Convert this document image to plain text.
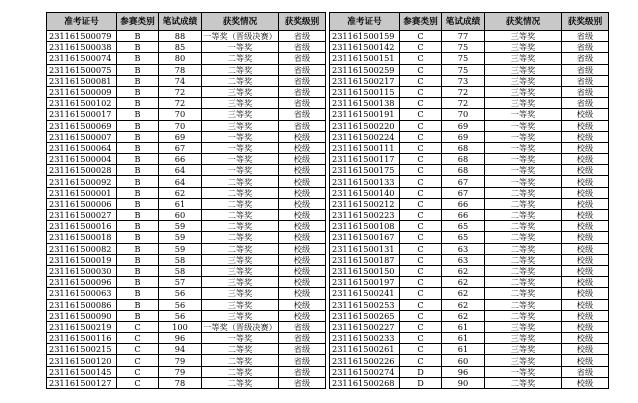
准考证号	参赛类别	笔试成绩	获奖情况	获奖级别
231161500079	B	88	一等奖（晋级决赛）	省级
231161500038	B	85	一等奖	省级
231161500074	B	80	二等奖	省级
231161500075	B	78	二等奖	省级
231161500081	B	74	二等奖	省级
231161500009	B	72	三等奖	省级
231161500102	B	72	三等奖	省级
231161500017	B	70	三等奖	省级
231161500069	B	70	三等奖	省级
231161500007	B	69	一等奖	校级
231161500064	B	67	一等奖	校级
231161500004	B	66	一等奖	校级
231161500028	B	64	一等奖	校级
231161500092	B	64	二等奖	校级
231161500001	B	62	二等奖	校级
231161500006	B	61	二等奖	校级
231161500027	B	60	二等奖	校级
231161500016	B	59	二等奖	校级
231161500018	B	59	二等奖	校级
231161500082	B	59	二等奖	校级
231161500019	B	58	三等奖	校级
231161500030	B	58	三等奖	校级
231161500096	B	57	三等奖	校级
231161500063	B	56	三等奖	校级
231161500086	B	56	三等奖	校级
231161500090	B	56	三等奖	校级
231161500219	C	100	一等奖（晋级决赛）	省级
231161500116	C	96	一等奖	省级
231161500215	C	94	二等奖	省级
231161500120	C	79	二等奖	省级
231161500145	C	79	二等奖	省级
231161500127	C	78	二等奖	省级
准考证号	参赛类别	笔试成绩	获奖情况	获奖级别
231161500159	C	77	三等奖	省级
231161500142	C	75	三等奖	省级
231161500151	C	75	三等奖	省级
231161500259	C	75	三等奖	省级
231161500217	C	73	三等奖	省级
231161500115	C	72	三等奖	省级
231161500138	C	72	三等奖	省级
231161500191	C	70	一等奖	校级
231161500220	C	69	一等奖	校级
231161500224	C	69	一等奖	校级
231161500111	C	68	一等奖	校级
231161500117	C	68	一等奖	校级
231161500175	C	68	一等奖	校级
231161500133	C	67	一等奖	校级
231161500140	C	67	二等奖	校级
231161500212	C	66	二等奖	校级
231161500223	C	66	二等奖	校级
231161500108	C	65	二等奖	校级
231161500167	C	65	二等奖	校级
231161500131	C	63	二等奖	校级
231161500187	C	63	二等奖	校级
231161500150	C	62	二等奖	校级
231161500197	C	62	二等奖	校级
231161500241	C	62	二等奖	校级
231161500253	C	62	二等奖	校级
231161500265	C	62	二等奖	校级
231161500227	C	61	三等奖	校级
231161500233	C	61	三等奖	校级
231161500261	C	61	三等奖	校级
231161500226	C	60	三等奖	校级
231161500274	D	96	一等奖	省级
231161500268	D	90	二等奖	校级
